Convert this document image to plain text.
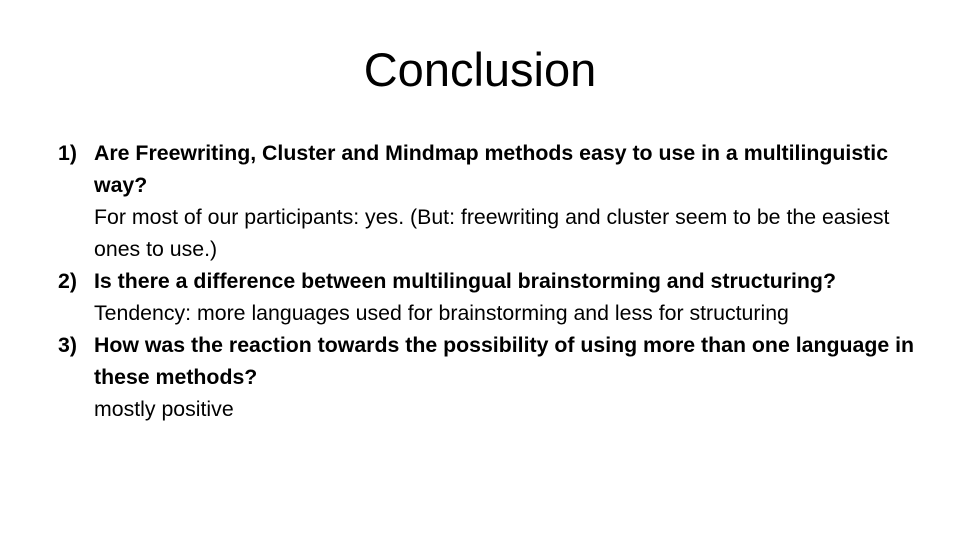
Conclusion
1) Are Freewriting, Cluster and Mindmap methods easy to use in a multilinguistic way?
For most of our participants: yes. (But: freewriting and cluster seem to be the easiest ones to use.)
2) Is there a difference between multilingual brainstorming and structuring?
Tendency: more languages used for brainstorming and less for structuring
3) How was the reaction towards the possibility of using more than one language in these methods?
mostly positive
